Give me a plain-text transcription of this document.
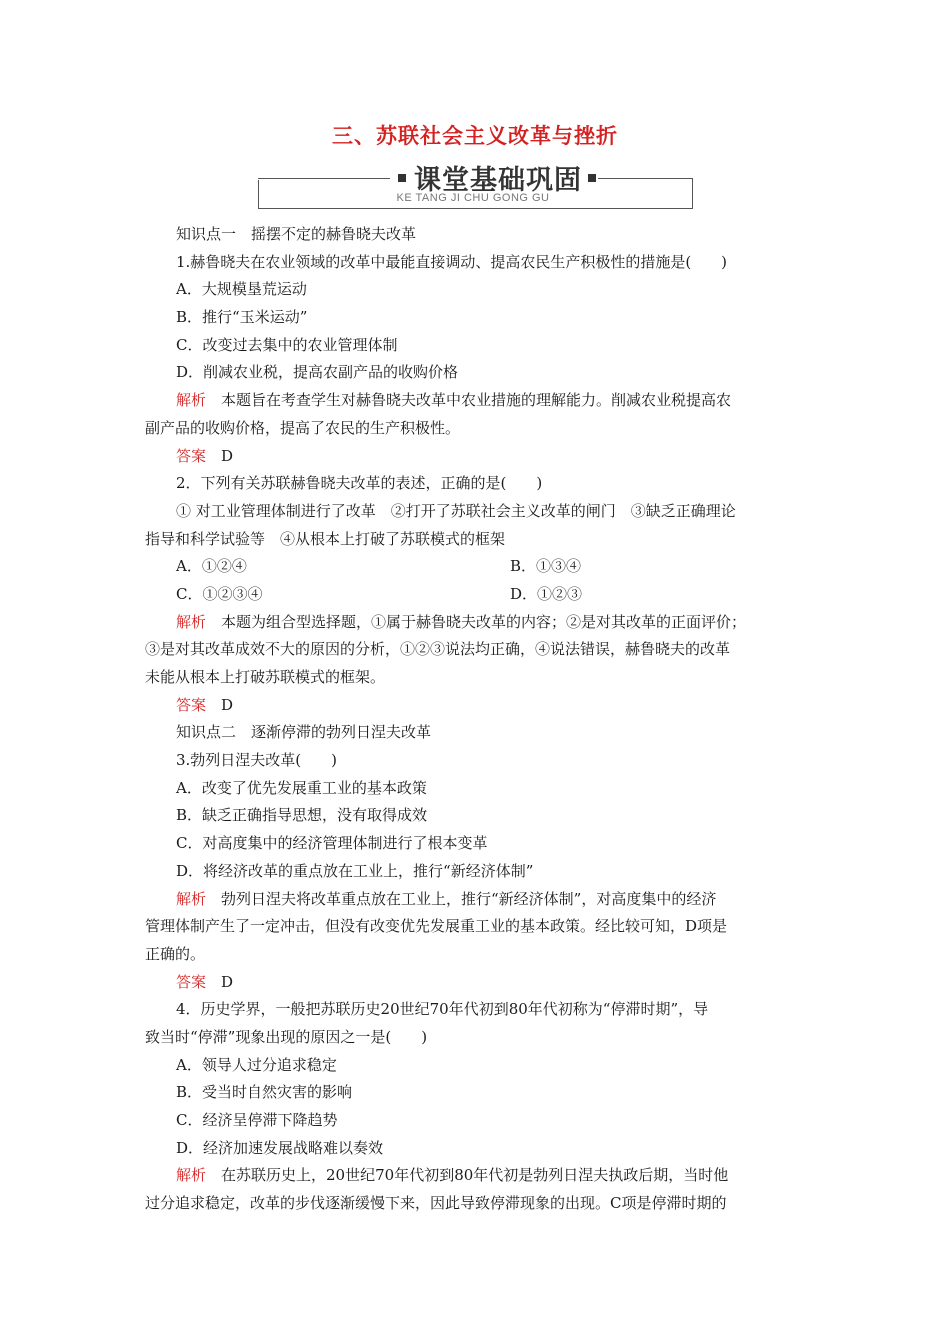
三、苏联社会主义改革与挫折
课堂基础巩固
KE TANG JI CHU GONG GU
知识点一　摇摆不定的赫鲁晓夫改革
1.赫鲁晓夫在农业领域的改革中最能直接调动、提高农民生产积极性的措施是(　　)
A．大规模垦荒运动
B．推行“玉米运动”
C．改变过去集中的农业管理体制
D．削减农业税，提高农副产品的收购价格
解析　本题旨在考查学生对赫鲁晓夫改革中农业措施的理解能力。削减农业税提高农
副产品的收购价格，提高了农民的生产积极性。
答案　D
2．下列有关苏联赫鲁晓夫改革的表述，正确的是(　　)
① 对工业管理体制进行了改革　②打开了苏联社会主义改革的闸门　③缺乏正确理论
指导和科学试验等　④从根本上打破了苏联模式的框架
A．①②④	B．①③④
C．①②③④	D．①②③
解析　本题为组合型选择题，①属于赫鲁晓夫改革的内容；②是对其改革的正面评价；
③是对其改革成效不大的原因的分析，①②③说法均正确，④说法错误，赫鲁晓夫的改革
未能从根本上打破苏联模式的框架。
答案　D
知识点二　逐渐停滞的勃列日涅夫改革
3.勃列日涅夫改革(　　)
A．改变了优先发展重工业的基本政策
B．缺乏正确指导思想，没有取得成效
C．对高度集中的经济管理体制进行了根本变革
D．将经济改革的重点放在工业上，推行“新经济体制”
解析　勃列日涅夫将改革重点放在工业上，推行“新经济体制”，对高度集中的经济
管理体制产生了一定冲击，但没有改变优先发展重工业的基本政策。经比较可知，D项是
正确的。
答案　D
4．历史学界，一般把苏联历史20世纪70年代初到80年代初称为“停滞时期”，导
致当时“停滞”现象出现的原因之一是(　　)
A．领导人过分追求稳定
B．受当时自然灾害的影响
C．经济呈停滞下降趋势
D．经济加速发展战略难以奏效
解析　在苏联历史上，20世纪70年代初到80年代初是勃列日涅夫执政后期，当时他
过分追求稳定，改革的步伐逐渐缓慢下来，因此导致停滞现象的出现。C项是停滞时期的
